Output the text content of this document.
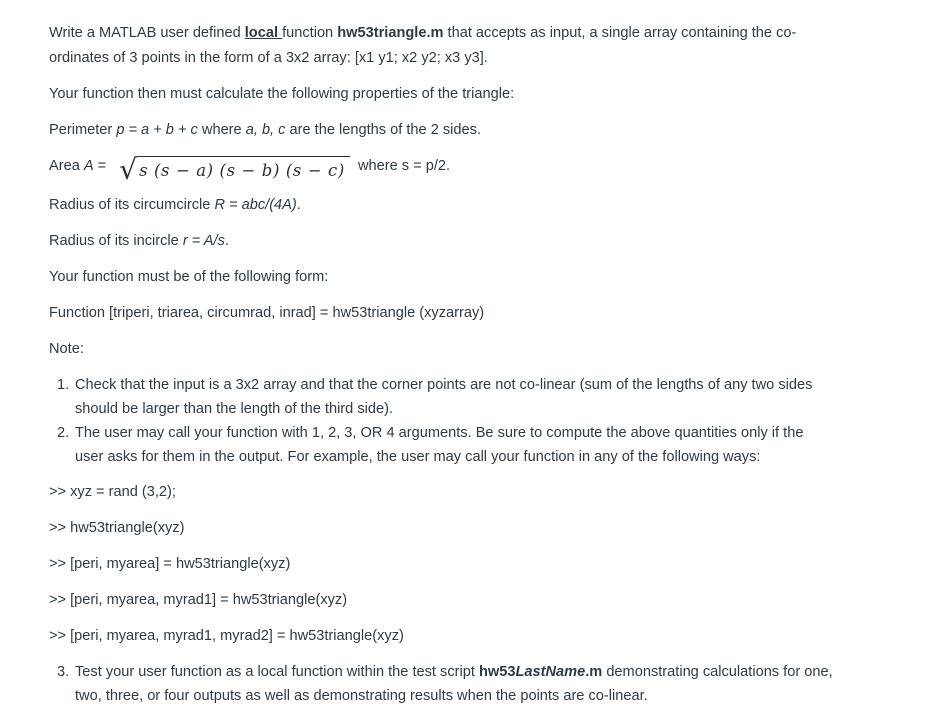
Write a MATLAB user defined local function hw53triangle.m that accepts as input, a single array containing the co-
ordinates of 3 points in the form of a 3x2 array: [x1 y1; x2 y2; x3 y3].

Your function then must calculate the following properties of the triangle:

Perimeter p = a + b + c where a, b, c are the lengths of the 2 sides.

Area A = √ s (s − a) (s − b) (s − c) where s = p/2.

Radius of its circumcircle R = abc/(4A).

Radius of its incircle r = A/s.

Your function must be of the following form:

Function [triperi, triarea, circumrad, inrad] = hw53triangle (xyzarray)

Note:

1. Check that the input is a 3x2 array and that the corner points are not co-linear (sum of the lengths of any two sides
should be larger than the length of the third side).
2. The user may call your function with 1, 2, 3, OR 4 arguments. Be sure to compute the above quantities only if the
user asks for them in the output. For example, the user may call your function in any of the following ways:

>> xyz = rand (3,2);

>> hw53triangle(xyz)

>> [peri, myarea] = hw53triangle(xyz)

>> [peri, myarea, myrad1] = hw53triangle(xyz)

>> [peri, myarea, myrad1, myrad2] = hw53triangle(xyz)

3. Test your user function as a local function within the test script hw53LastName.m demonstrating calculations for one,
two, three, or four outputs as well as demonstrating results when the points are co-linear.
